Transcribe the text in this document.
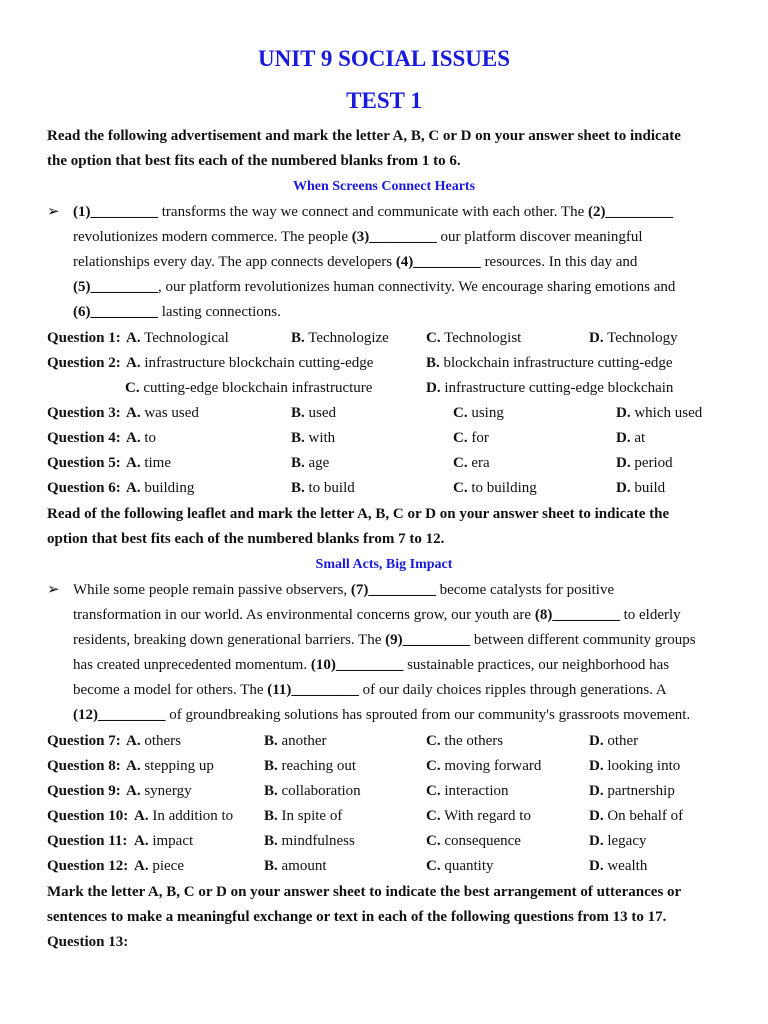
UNIT 9 SOCIAL ISSUES
TEST 1
Read the following advertisement and mark the letter A, B, C or D on your answer sheet to indicate
the option that best fits each of the numbered blanks from 1 to 6.
When Screens Connect Hearts
➢ (1)_________ transforms the way we connect and communicate with each other. The (2)_________
revolutionizes modern commerce. The people (3)_________ our platform discover meaningful
relationships every day. The app connects developers (4)_________ resources. In this day and
(5)_________, our platform revolutionizes human connectivity. We encourage sharing emotions and
(6)_________ lasting connections.
Question 1: A. Technological	B. Technologize C. Technologist	D. Technology
Question 2: A. infrastructure blockchain cutting-edge	B. blockchain infrastructure cutting-edge
C. cutting-edge blockchain infrastructure	D. infrastructure cutting-edge blockchain
Question 3: A. was used	B. used	C. using	D. which used
Question 4: A. to	B. with	C. for	D. at
Question 5: A. time	B. age	C. era	D. period
Question 6: A. building	B. to build	C. to building	D. build
Read of the following leaflet and mark the letter A, B, C or D on your answer sheet to indicate the
option that best fits each of the numbered blanks from 7 to 12.
Small Acts, Big Impact
➢ While some people remain passive observers, (7)_________ become catalysts for positive
transformation in our world. As environmental concerns grow, our youth are (8)_________ to elderly
residents, breaking down generational barriers. The (9)_________ between different community groups
has created unprecedented momentum. (10)_________ sustainable practices, our neighborhood has
become a model for others. The (11)_________ of our daily choices ripples through generations. A
(12)_________ of groundbreaking solutions has sprouted from our community's grassroots movement.
Question 7: A. others	B. another	C. the others	D. other
Question 8: A. stepping up	B. reaching out	C. moving forward	D. looking into
Question 9: A. synergy	B. collaboration	C. interaction	D. partnership
Question 10: A. In addition to B. In spite of	C. With regard to	D. On behalf of
Question 11: A. impact	B. mindfulness	C. consequence	D. legacy
Question 12: A. piece	B. amount	C. quantity	D. wealth
Mark the letter A, B, C or D on your answer sheet to indicate the best arrangement of utterances or
sentences to make a meaningful exchange or text in each of the following questions from 13 to 17.
Question 13:
